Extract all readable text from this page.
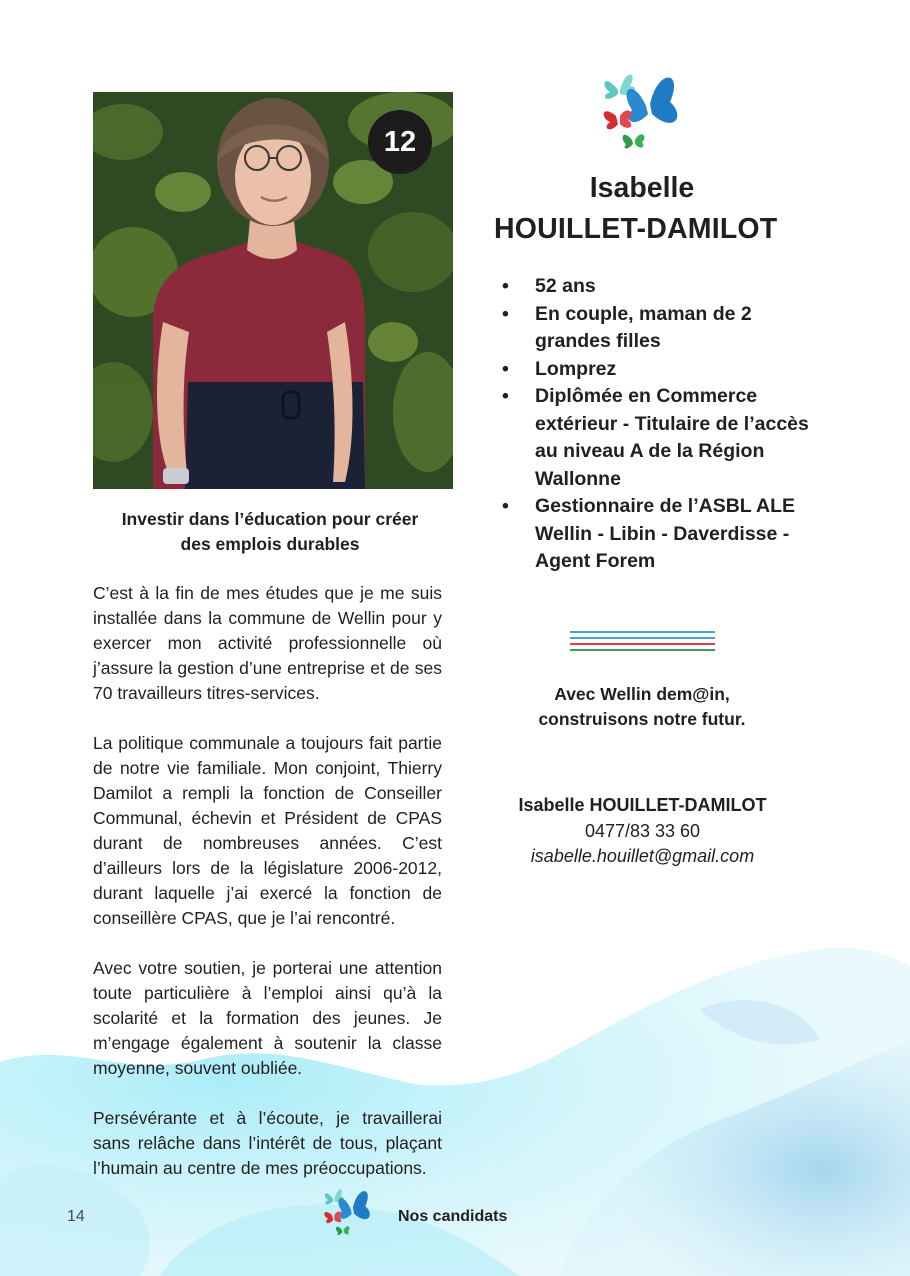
12
Investir dans l’éducation pour créer
des emplois durables

C’est à la fin de mes études que je me suis installée dans la commune de Wellin pour y exercer mon activité professionnelle où j’assure la gestion d’une entreprise et de ses 70 travailleurs titres-services.

La politique communale a toujours fait partie de notre vie familiale. Mon conjoint, Thierry Damilot a rempli la fonction de Conseiller Communal, échevin et Président de CPAS durant de nombreuses années. C’est d’ailleurs lors de la législature 2006-2012, durant laquelle j’ai exercé la fonction de conseillère CPAS, que je l’ai rencontré.

Avec votre soutien, je porterai une attention toute particulière à l’emploi ainsi qu’à la scolarité et la formation des jeunes. Je m’engage également à soutenir la classe moyenne, souvent oubliée.

Persévérante et à l’écoute, je travaillerai sans relâche dans l’intérêt de tous, plaçant l’humain au centre de mes préoccupations.

Isabelle
HOUILLET-DAMILOT
• 52 ans
• En couple, maman de 2
grandes filles
• Lomprez
• Diplômée en Commerce
extérieur - Titulaire de l’accès
au niveau A de la Région
Wallonne
• Gestionnaire de l’ASBL ALE
Wellin - Libin - Daverdisse -
Agent Forem
Avec Wellin dem@in,
construisons notre futur.
Isabelle HOUILLET-DAMILOT
0477/83 33 60
isabelle.houillet@gmail.com
14	Nos candidats
